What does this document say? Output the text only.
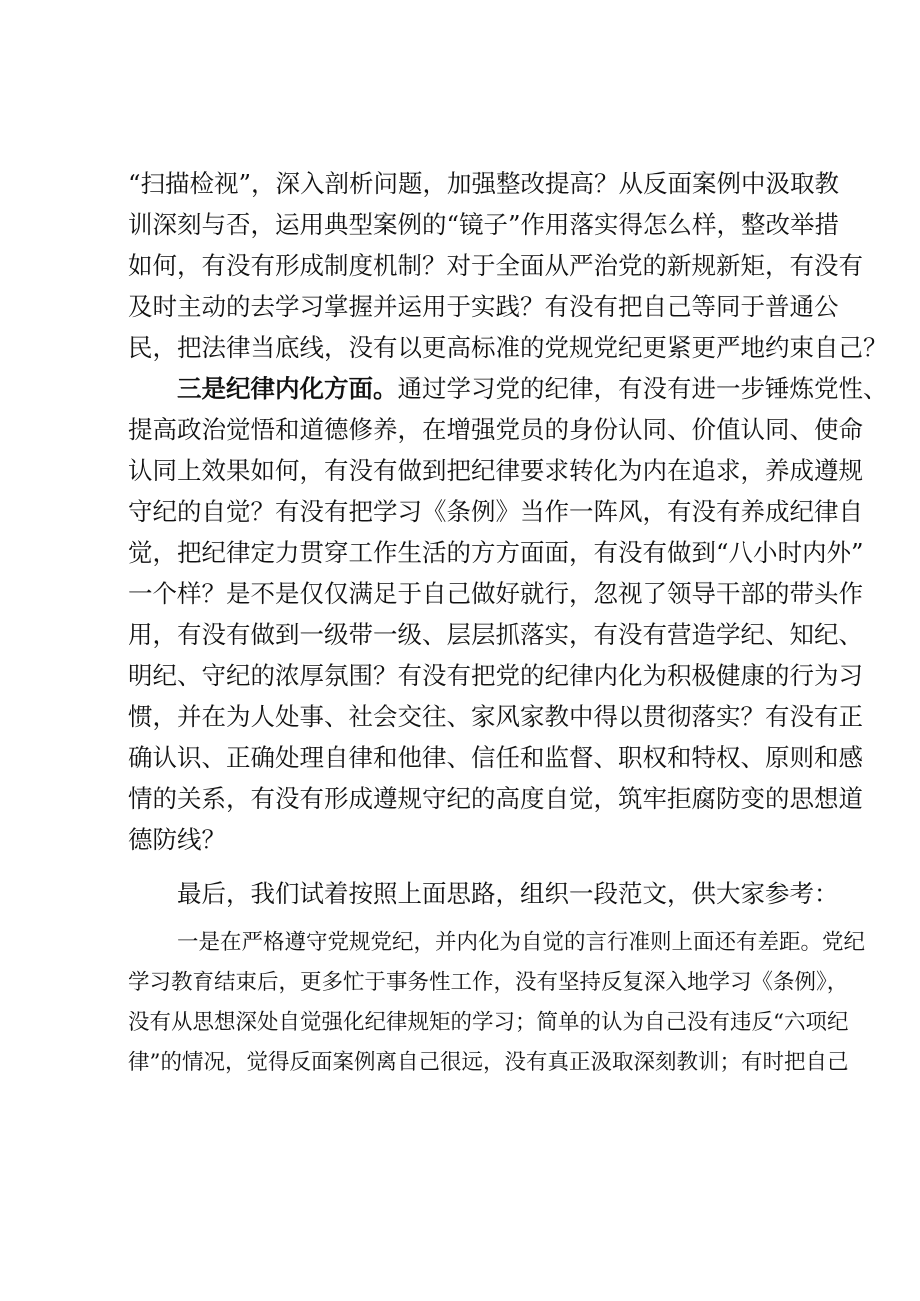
“扫描检视”，深入剖析问题，加强整改提高？从反面案例中汲取教
训深刻与否，运用典型案例的“镜子”作用落实得怎么样，整改举措
如何，有没有形成制度机制？对于全面从严治党的新规新矩，有没有
及时主动的去学习掌握并运用于实践？有没有把自己等同于普通公
民，把法律当底线，没有以更高标准的党规党纪更紧更严地约束自己？
三是纪律内化方面。通过学习党的纪律，有没有进一步锤炼党性、
提高政治觉悟和道德修养，在增强党员的身份认同、价值认同、使命
认同上效果如何，有没有做到把纪律要求转化为内在追求，养成遵规
守纪的自觉？有没有把学习《条例》当作一阵风，有没有养成纪律自
觉，把纪律定力贯穿工作生活的方方面面，有没有做到“八小时内外”
一个样？是不是仅仅满足于自己做好就行，忽视了领导干部的带头作
用，有没有做到一级带一级、层层抓落实，有没有营造学纪、知纪、
明纪、守纪的浓厚氛围？有没有把党的纪律内化为积极健康的行为习
惯，并在为人处事、社会交往、家风家教中得以贯彻落实？有没有正
确认识、正确处理自律和他律、信任和监督、职权和特权、原则和感
情的关系，有没有形成遵规守纪的高度自觉，筑牢拒腐防变的思想道
德防线？
最后，我们试着按照上面思路，组织一段范文，供大家参考：
一是在严格遵守党规党纪，并内化为自觉的言行准则上面还有差距。党纪
学习教育结束后，更多忙于事务性工作，没有坚持反复深入地学习《条例》，
没有从思想深处自觉强化纪律规矩的学习；简单的认为自己没有违反“六项纪
律”的情况，觉得反面案例离自己很远，没有真正汲取深刻教训；有时把自己
